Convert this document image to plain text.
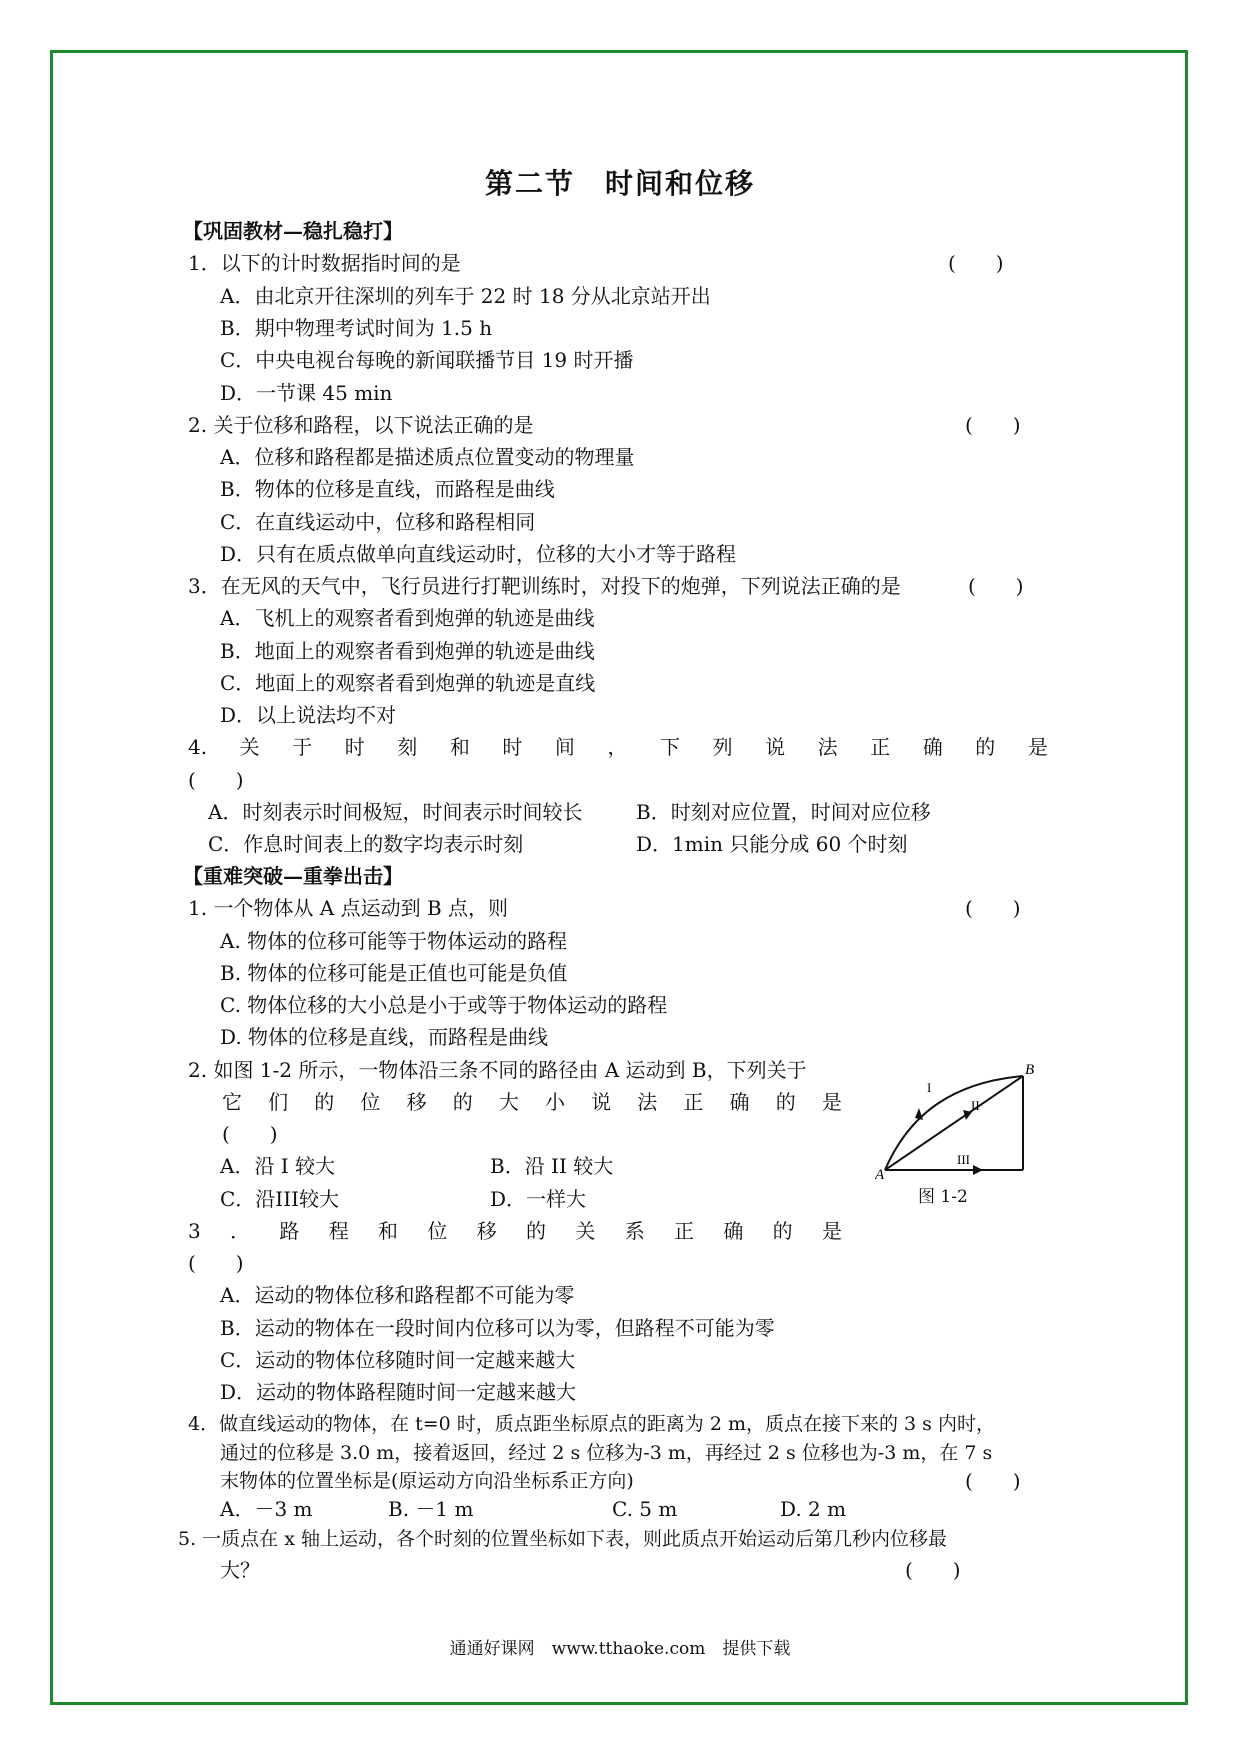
第二节　时间和位移
【巩固教材—稳扎稳打】
1．以下的计时数据指时间的是	(　　)
A．由北京开往深圳的列车于 22 时 18 分从北京站开出
B．期中物理考试时间为 1.5 h
C．中央电视台每晚的新闻联播节目 19 时开播
D．一节课 45 min
2. 关于位移和路程，以下说法正确的是	(　　)
A．位移和路程都是描述质点位置变动的物理量
B．物体的位移是直线，而路程是曲线
C．在直线运动中，位移和路程相同
D．只有在质点做单向直线运动时，位移的大小才等于路程
3．在无风的天气中，飞行员进行打靶训练时，对投下的炮弹，下列说法正确的是	(　　)
A．飞机上的观察者看到炮弹的轨迹是曲线
B．地面上的观察者看到炮弹的轨迹是曲线
C．地面上的观察者看到炮弹的轨迹是直线
D．以上说法均不对
4. 关 于 时 刻 和 时 间 ， 下 列 说 法 正 确 的 是
(　　)
A．时刻表示时间极短，时间表示时间较长	B．时刻对应位置，时间对应位移
C．作息时间表上的数字均表示时刻	D．1min 只能分成 60 个时刻
【重难突破—重拳出击】
1. 一个物体从 A 点运动到 B 点，则	(　　)
A. 物体的位移可能等于物体运动的路程
B. 物体的位移可能是正值也可能是负值
C. 物体位移的大小总是小于或等于物体运动的路程
D. 物体的位移是直线，而路程是曲线
2. 如图 1-2 所示，一物体沿三条不同的路径由 A 运动到 B，下列关于
它 们 的 位 移 的 大 小 说 法 正 确 的 是
(　　)
A．沿 I 较大	B．沿 II 较大
C．沿III较大	D．一样大
A
B
I
II
III
图 1-2
3 ． 路 程 和 位 移 的 关 系 正 确 的 是
(　　)
A．运动的物体位移和路程都不可能为零
B．运动的物体在一段时间内位移可以为零，但路程不可能为零
C．运动的物体位移随时间一定越来越大
D．运动的物体路程随时间一定越来越大
4．做直线运动的物体，在 t=0 时，质点距坐标原点的距离为 2 m，质点在接下来的 3 s 内时，
通过的位移是 3.0 m，接着返回，经过 2 s 位移为-3 m，再经过 2 s 位移也为-3 m，在 7 s
末物体的位置坐标是(原运动方向沿坐标系正方向)	(　　)
A．－3 m	B. －1 m	C. 5 m	D. 2 m
5. 一质点在 x 轴上运动，各个时刻的位置坐标如下表，则此质点开始运动后第几秒内位移最
大？	(　　)
通通好课网　www.tthaoke.com　提供下载
